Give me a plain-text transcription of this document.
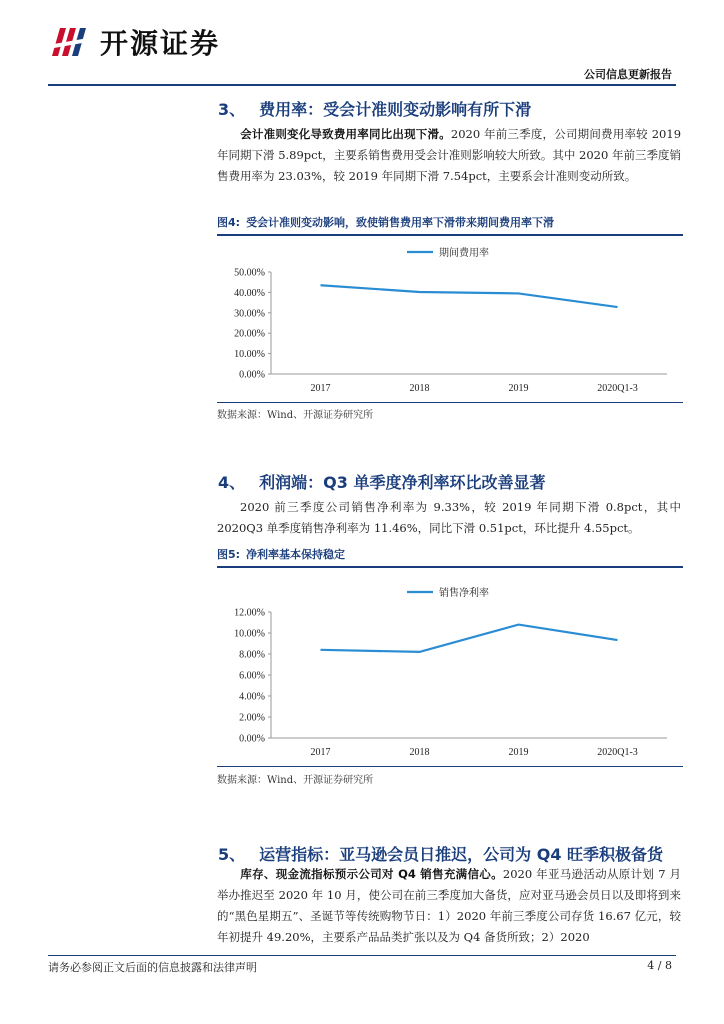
开源证券
公司信息更新报告
3、 费用率：受会计准则变动影响有所下滑
会计准则变化导致费用率同比出现下滑。2020 年前三季度，公司期间费用率较 2019 年同期下滑 5.89pct，主要系销售费用受会计准则影响较大所致。其中 2020 年前三季度销售费用率为 23.03%，较 2019 年同期下滑 7.54pct，主要系会计准则变动所致。
图4: 受会计准则变动影响，致使销售费用率下滑带来期间费用率下滑
0.00%
10.00%
20.00%
30.00%
40.00%
50.00%
2017	2018	2019	2020Q1-3
期间费用率
数据来源：Wind、开源证券研究所
4、 利润端：Q3 单季度净利率环比改善显著
2020 前三季度公司销售净利率为 9.33%，较 2019 年同期下滑 0.8pct，其中 2020Q3 单季度销售净利率为 11.46%，同比下滑 0.51pct，环比提升 4.55pct。
图5: 净利率基本保持稳定
0.00%
2.00%
4.00%
6.00%
8.00%
10.00%
12.00%
2017	2018	2019	2020Q1-3
销售净利率
数据来源：Wind、开源证券研究所
5、 运营指标：亚马逊会员日推迟，公司为 Q4 旺季积极备货
库存、现金流指标预示公司对 Q4 销售充满信心。2020 年亚马逊活动从原计划 7 月举办推迟至 2020 年 10 月，使公司在前三季度加大备货，应对亚马逊会员日以及即将到来的“黑色星期五”、圣诞节等传统购物节日：1）2020 年前三季度公司存货 16.67 亿元，较年初提升 49.20%，主要系产品品类扩张以及为 Q4 备货所致；2）2020
请务必参阅正文后面的信息披露和法律声明	4 / 8
